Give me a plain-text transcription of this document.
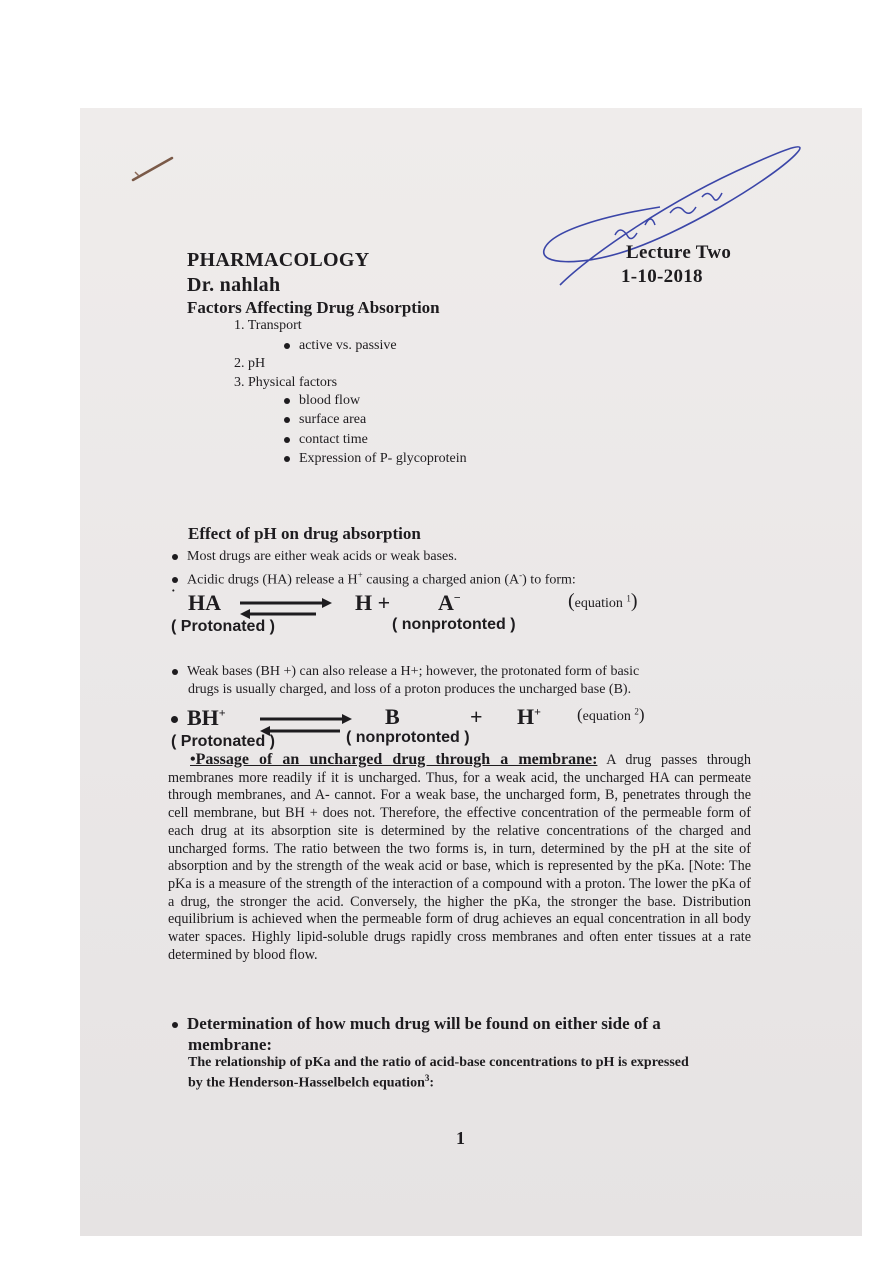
PHARMACOLOGY
Dr. nahlah
Lecture Two
1-10-2018
Factors Affecting Drug Absorption
1. Transport
active vs. passive
2. pH
3. Physical factors
blood flow
surface area
contact time
Expression of P- glycoprotein
Effect of pH on drug absorption
Most drugs are either weak acids or weak bases.
Acidic drugs (HA) release a H+ causing a charged anion (A-) to form:
˙ HA	H + A−	(equation $^1$)
( Protonated )	( nonprotonted )
Weak bases (BH +) can also release a H+; however, the protonated form of basic
drugs is usually charged, and loss of a proton produces the uncharged base (B).
BH+	B	+ H+ (equation $^2$)
( Protonated )	( nonprotonted )
•Passage of an uncharged drug through a membrane: A drug passes through membranes more readily if it is uncharged. Thus, for a weak acid, the uncharged HA can permeate through membranes, and A- cannot. For a weak base, the uncharged form, B, penetrates through the cell membrane, but BH + does not. Therefore, the effective concentration of the permeable form of each drug at its absorption site is determined by the relative concentrations of the charged and uncharged forms. The ratio between the two forms is, in turn, determined by the pH at the site of absorption and by the strength of the weak acid or base, which is represented by the pKa. [Note: The pKa is a measure of the strength of the interaction of a compound with a proton. The lower the pKa of a drug, the stronger the acid. Conversely, the higher the pKa, the stronger the base. Distribution equilibrium is achieved when the permeable form of drug achieves an equal concentration in all body water spaces. Highly lipid-soluble drugs rapidly cross membranes and often enter tissues at a rate determined by blood flow.
Determination of how much drug will be found on either side of a
membrane:
The relationship of pKa and the ratio of acid-base concentrations to pH is expressed
by the Henderson-Hasselbelch equation$^3$:
1
